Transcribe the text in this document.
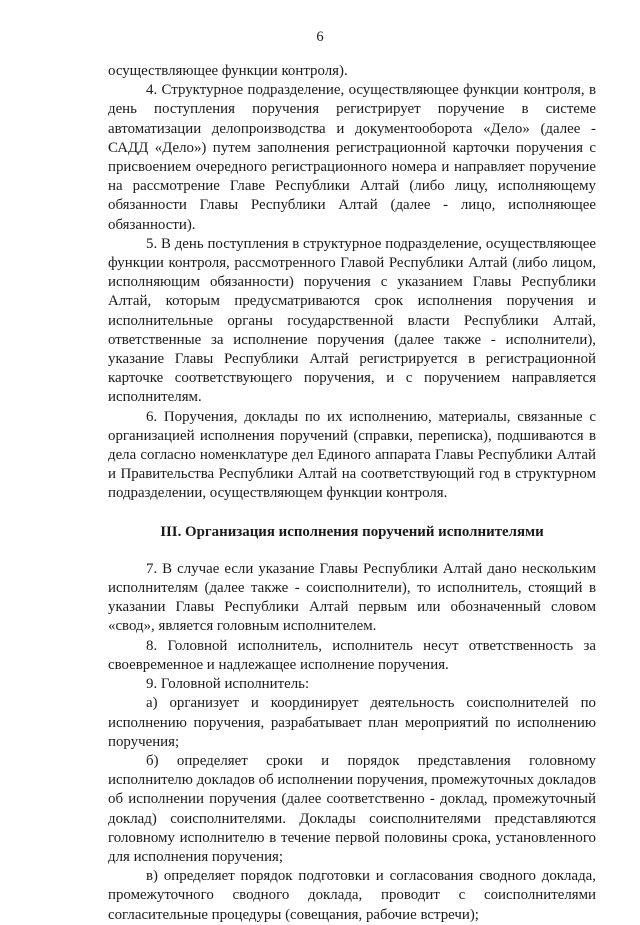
6

осуществляющее функции контроля).

4. Структурное подразделение, осуществляющее функции контроля, в день поступления поручения регистрирует поручение в системе автоматизации делопроизводства и документооборота «Дело» (далее - САДД «Дело») путем заполнения регистрационной карточки поручения с присвоением очередного регистрационного номера и направляет поручение на рассмотрение Главе Республики Алтай (либо лицу, исполняющему обязанности Главы Республики Алтай (далее - лицо, исполняющее обязанности).

5. В день поступления в структурное подразделение, осуществляющее функции контроля, рассмотренного Главой Республики Алтай (либо лицом, исполняющим обязанности) поручения с указанием Главы Республики Алтай, которым предусматриваются срок исполнения поручения и исполнительные органы государственной власти Республики Алтай, ответственные за исполнение поручения (далее также - исполнители), указание Главы Республики Алтай регистрируется в регистрационной карточке соответствующего поручения, и с поручением направляется исполнителям.

6. Поручения, доклады по их исполнению, материалы, связанные с организацией исполнения поручений (справки, переписка), подшиваются в дела согласно номенклатуре дел Единого аппарата Главы Республики Алтай и Правительства Республики Алтай на соответствующий год в структурном подразделении, осуществляющем функции контроля.

III. Организация исполнения поручений исполнителями

7. В случае если указание Главы Республики Алтай дано нескольким исполнителям (далее также - соисполнители), то исполнитель, стоящий в указании Главы Республики Алтай первым или обозначенный словом «свод», является головным исполнителем.

8. Головной исполнитель, исполнитель несут ответственность за своевременное и надлежащее исполнение поручения.

9. Головной исполнитель:

а) организует и координирует деятельность соисполнителей по исполнению поручения, разрабатывает план мероприятий по исполнению поручения;

б) определяет сроки и порядок представления головному исполнителю докладов об исполнении поручения, промежуточных докладов об исполнении поручения (далее соответственно - доклад, промежуточный доклад) соисполнителями. Доклады соисполнителями представляются головному исполнителю в течение первой половины срока, установленного для исполнения поручения;

в) определяет порядок подготовки и согласования сводного доклада, промежуточного сводного доклада, проводит с соисполнителями согласительные процедуры (совещания, рабочие встречи);
